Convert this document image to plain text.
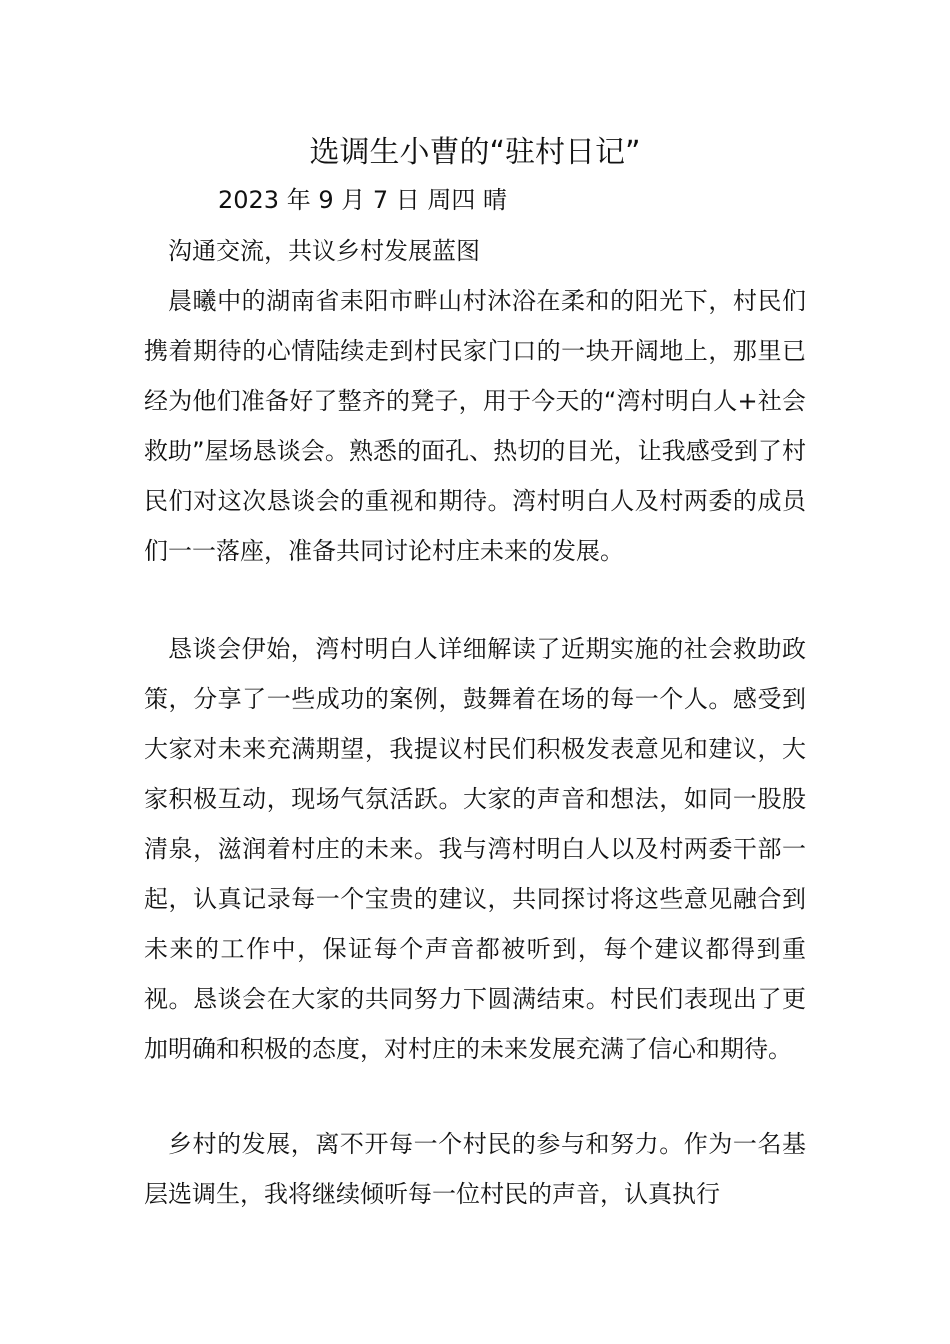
选调生小曹的“驻村日记”
2023 年 9 月 7 日 周四 晴
沟通交流，共议乡村发展蓝图

晨曦中的湖南省耒阳市畔山村沐浴在柔和的阳光下，村民们携着期待的心情陆续走到村民家门口的一块开阔地上，那里已经为他们准备好了整齐的凳子，用于今天的“湾村明白人+社会救助”屋场恳谈会。熟悉的面孔、热切的目光，让我感受到了村民们对这次恳谈会的重视和期待。湾村明白人及村两委的成员们一一落座，准备共同讨论村庄未来的发展。

恳谈会伊始，湾村明白人详细解读了近期实施的社会救助政策，分享了一些成功的案例，鼓舞着在场的每一个人。感受到大家对未来充满期望，我提议村民们积极发表意见和建议，大家积极互动，现场气氛活跃。大家的声音和想法，如同一股股清泉，滋润着村庄的未来。我与湾村明白人以及村两委干部一起，认真记录每一个宝贵的建议，共同探讨将这些意见融合到未来的工作中，保证每个声音都被听到，每个建议都得到重视。恳谈会在大家的共同努力下圆满结束。村民们表现出了更加明确和积极的态度，对村庄的未来发展充满了信心和期待。

乡村的发展，离不开每一个村民的参与和努力。作为一名基层选调生，我将继续倾听每一位村民的声音，认真执行
